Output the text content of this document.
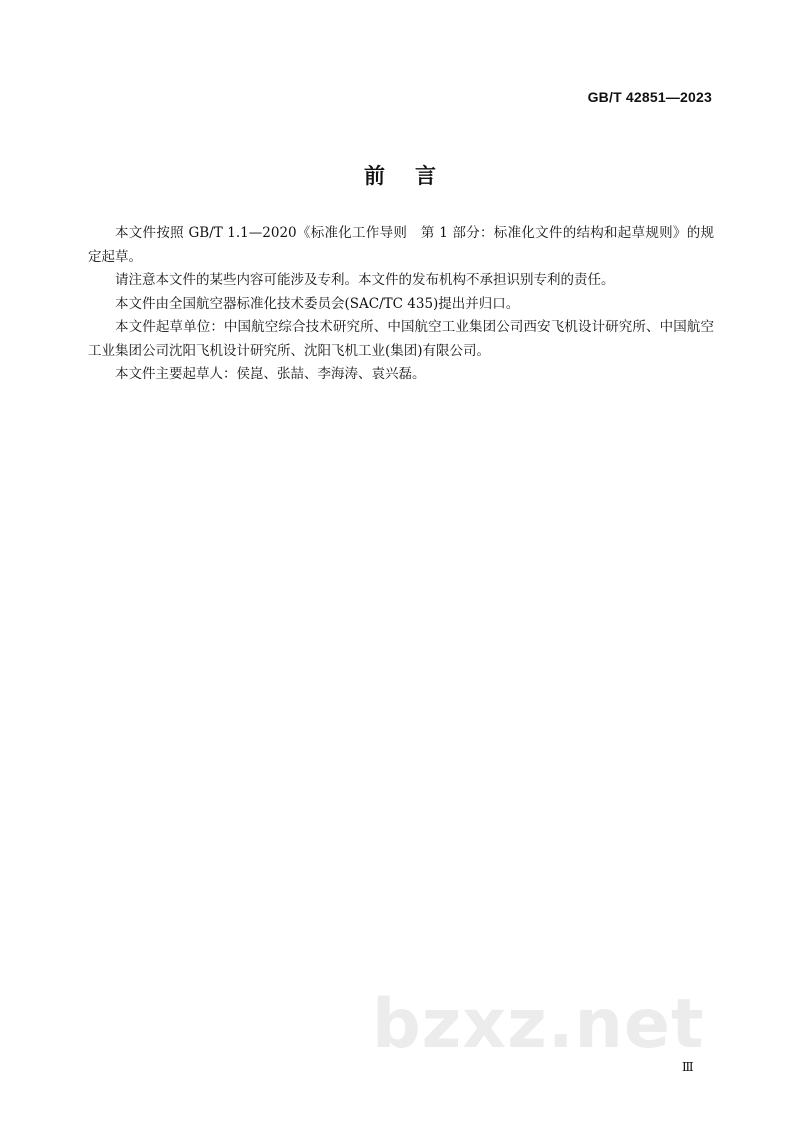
GB/T 42851—2023
前言

本文件按照 GB/T 1.1—2020《标准化工作导则　第 1 部分：标准化文件的结构和起草规则》的规定起草。

请注意本文件的某些内容可能涉及专利。本文件的发布机构不承担识别专利的责任。

本文件由全国航空器标准化技术委员会(SAC/TC 435)提出并归口。

本文件起草单位：中国航空综合技术研究所、中国航空工业集团公司西安飞机设计研究所、中国航空工业集团公司沈阳飞机设计研究所、沈阳飞机工业(集团)有限公司。

本文件主要起草人：侯崑、张喆、李海涛、袁兴磊。

bzxz.net
Ⅲ
